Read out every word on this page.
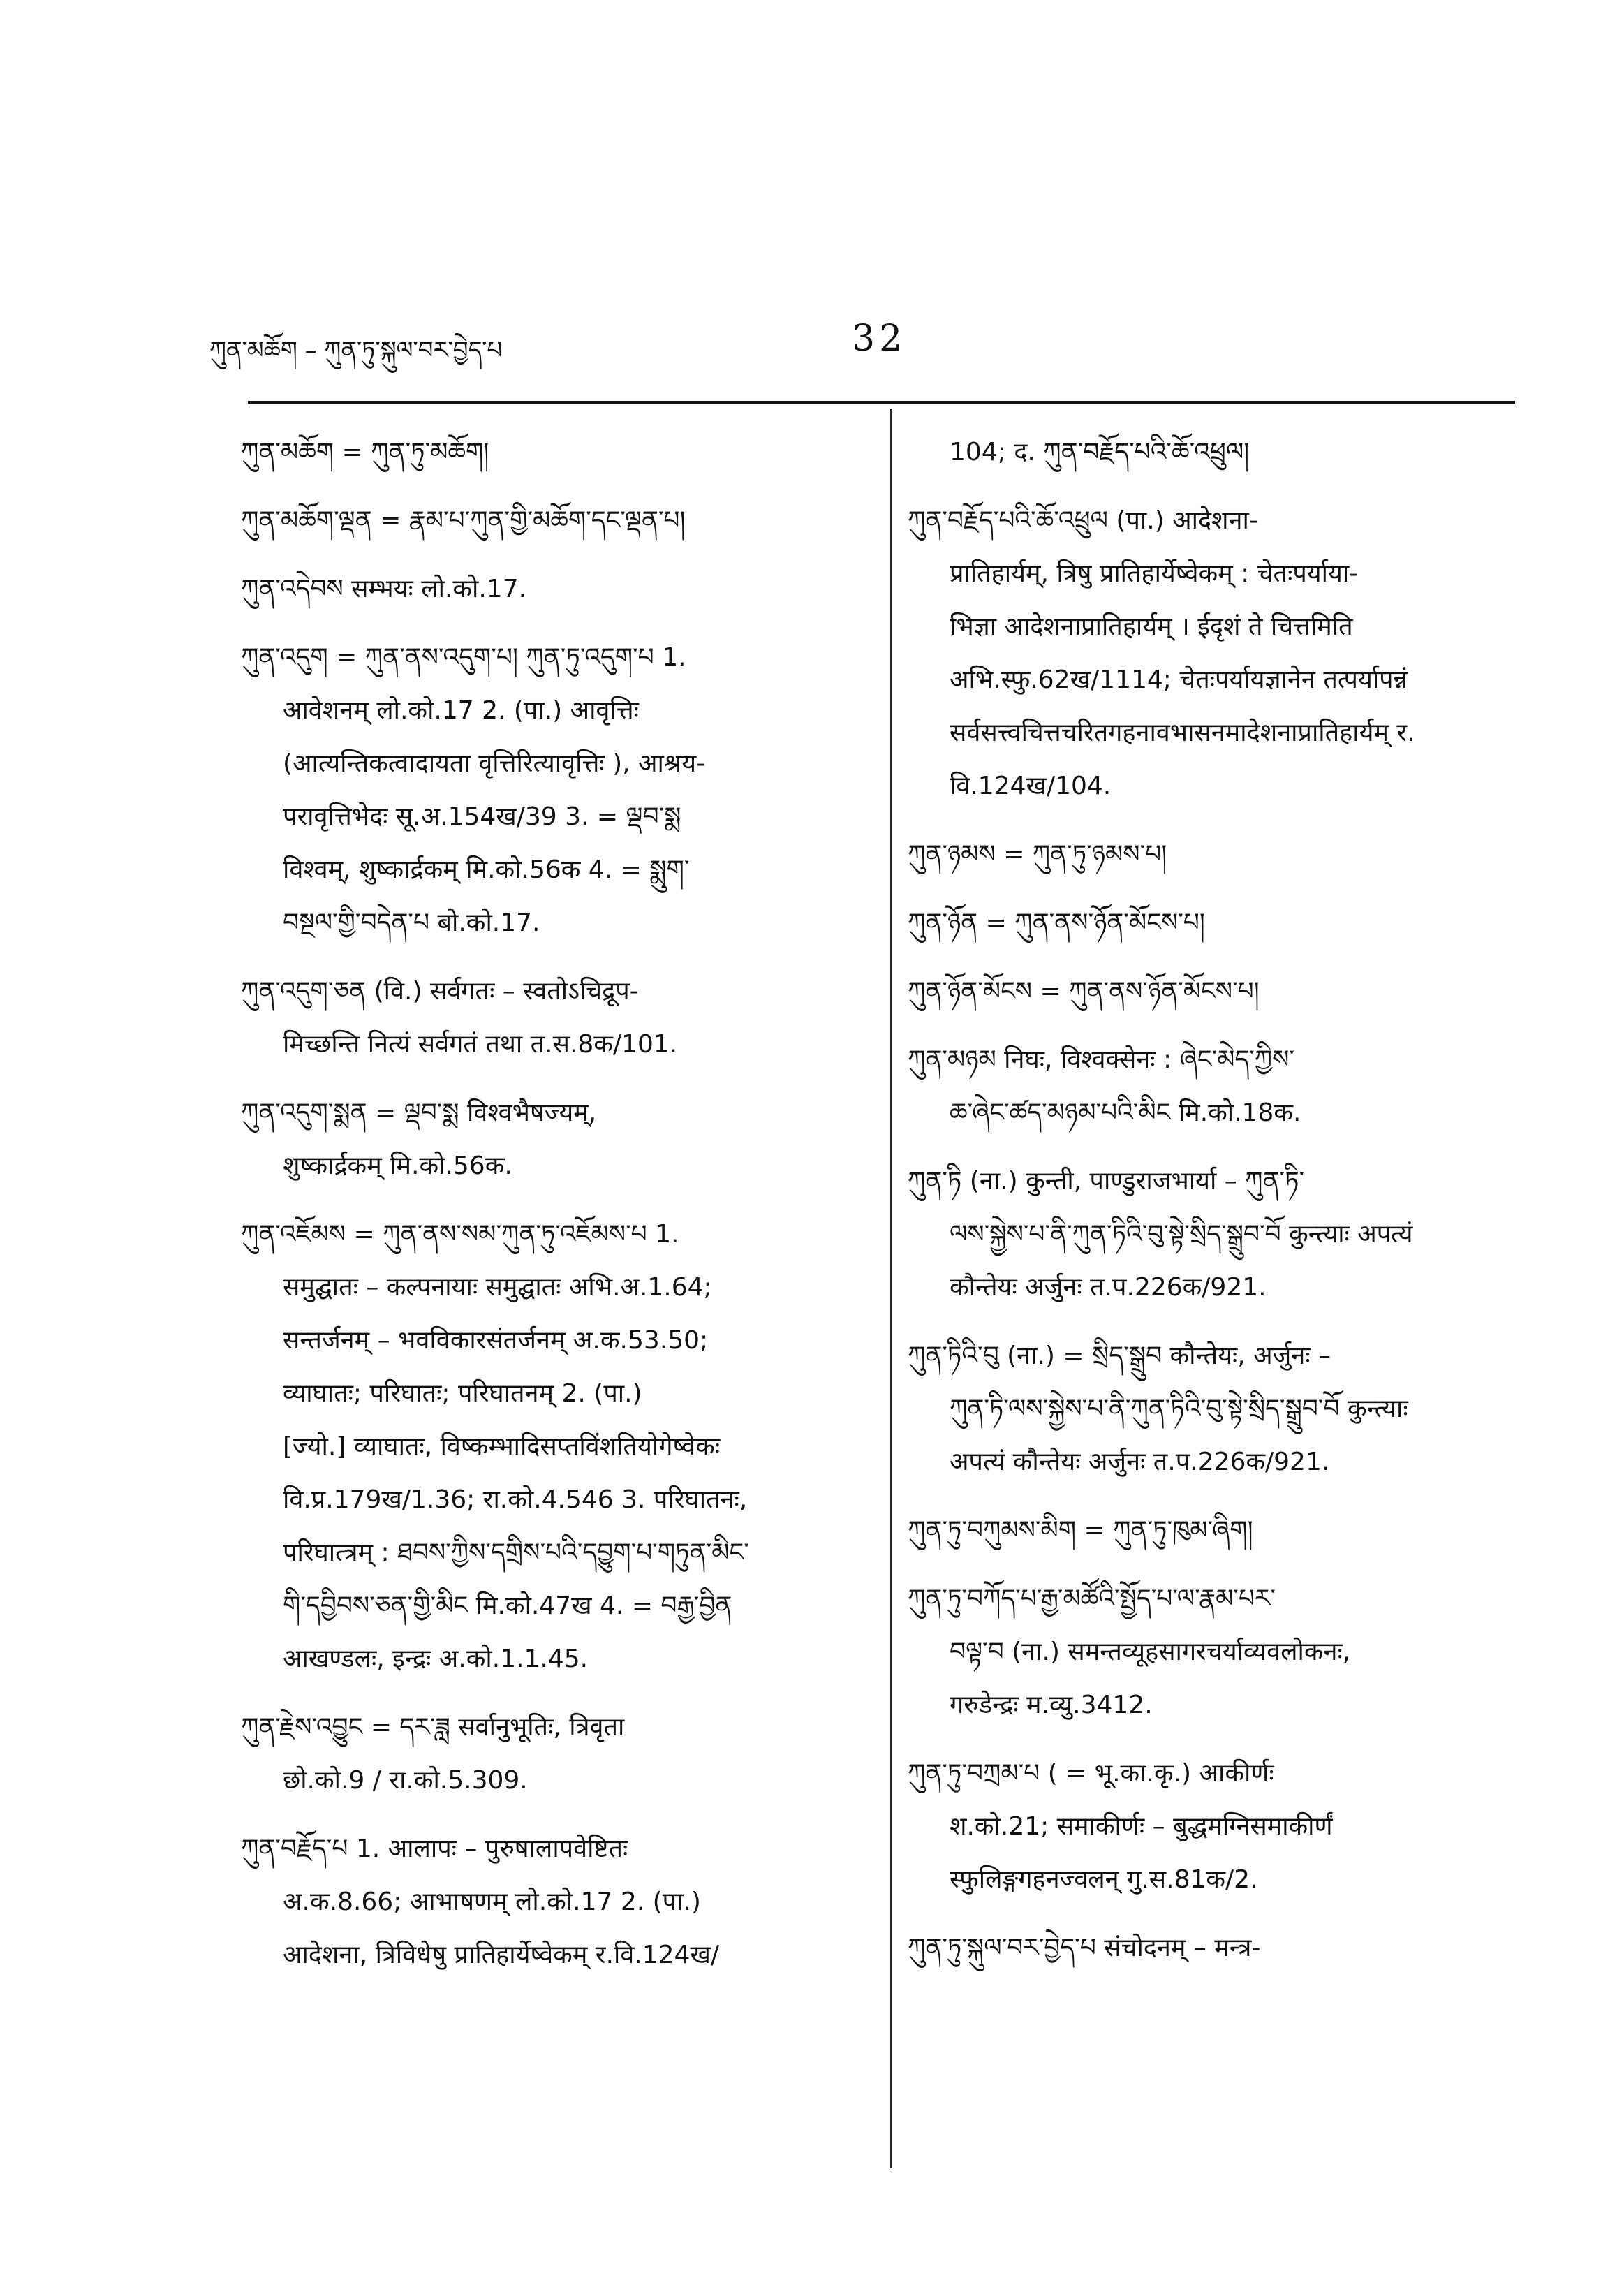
ཀུན་མཆོག – ཀུན་ཏུ་སྐུལ་བར་བྱེད་པ	32
ཀུན་མཆོག = ཀུན་ཏུ་མཆོག།
ཀུན་མཆོག་ལྡན = རྣམ་པ་ཀུན་གྱི་མཆོག་དང་ལྡན་པ།
ཀུན་འདེབས सम्भयः लो.को.17.
ཀུན་འདུག = ཀུན་ནས་འདུག་པ། ཀུན་ཏུ་འདུག་པ 1.
आवेशनम् लो.को.17 2. (पा.) आवृत्तिः
(आत्यन्तिकत्वादायता वृत्तिरित्यावृत्तिः ), आश्रय-
परावृत्तिभेदः सू.अ.154ख/39 3. = ལྡབ་སྨ
विश्वम्, शुष्कार्द्रकम् मि.को.56क 4. = སྨུག་
བསྔལ་གྱི་བདེན་པ बो.को.17.
ཀུན་འདུག་ཅན (वि.) सर्वगतः – स्वतोऽचिद्रूप-
मिच्छन्ति नित्यं सर्वगतं तथा त.स.8क/101.
ཀུན་འདུག་སྨན = ལྡབ་སྨ विश्वभैषज्यम्,
शुष्कार्द्रकम् मि.को.56क.
ཀུན་འཇོམས = ཀུན་ནས་སམ་ཀུན་ཏུ་འཇོམས་པ 1.
समुद्घातः – कल्पनायाः समुद्घातः अभि.अ.1.64;
सन्तर्जनम् – भवविकारसंतर्जनम् अ.क.53.50;
व्याघातः; परिघातः; परिघातनम् 2. (पा.)
[ज्यो.] व्याघातः, विष्कम्भादिसप्तविंशतियोगेष्वेकः
वि.प्र.179ख/1.36; रा.को.4.546 3. परिघातनः,
परिघात्त्रम् : ཐབས་ཀྱིས་དགྲིས་པའི་དབྱུག་པ་གཏུན་མིང་
གི་དབྱིབས་ཅན་གྱི་མིང मि.को.47ख 4. = བརྒྱ་བྱིན
आखण्डलः, इन्द्रः अ.को.1.1.45.
ཀུན་རྗེས་འབྱུང = དར་ཟླ सर्वानुभूतिः, त्रिवृता
छो.को.9 / रा.को.5.309.
ཀུན་བརྗོད་པ 1. आलापः – पुरुषालापवेष्टितः
अ.क.8.66; आभाषणम् लो.को.17 2. (पा.)
आदेशना, त्रिविधेषु प्रातिहार्येष्वेकम् र.वि.124ख/
104; द. ཀུན་བརྗོད་པའི་ཆོ་འཕྲུལ།
ཀུན་བརྗོད་པའི་ཆོ་འཕྲུལ (पा.) आदेशना-
प्रातिहार्यम्, त्रिषु प्रातिहार्येष्वेकम् : चेतःपर्याया-
भिज्ञा आदेशनाप्रातिहार्यम् । ईदृशं ते चित्तमिति
अभि.स्फु.62ख/1114; चेतःपर्यायज्ञानेन तत्पर्यापन्नं
सर्वसत्त्वचित्तचरितगहनावभासनमादेशनाप्रातिहार्यम् र.
वि.124ख/104.
ཀུན་ཉམས = ཀུན་ཏུ་ཉམས་པ།
ཀུན་ཉོན = ཀུན་ནས་ཉོན་མོངས་པ།
ཀུན་ཉོན་མོངས = ཀུན་ནས་ཉོན་མོངས་པ།
ཀུན་མཉམ निघः, विश्वक्सेनः : ཞེང་མེད་ཀྱིས་
ཆ་ཞེང་ཚད་མཉམ་པའི་མིང मि.को.18क.
ཀུན་ཏི (ना.) कुन्ती, पाण्डुराजभार्या – ཀུན་ཏི་
ལས་སྐྱེས་པ་ནི་ཀུན་ཏིའི་བུ་སྟེ་སྲིད་སྒྲུབ་བོ कुन्त्याः अपत्यं
कौन्तेयः अर्जुनः त.प.226क/921.
ཀུན་ཏིའི་བུ (ना.) = སྲིད་སྒྲུབ कौन्तेयः, अर्जुनः –
ཀུན་ཏི་ལས་སྐྱེས་པ་ནི་ཀུན་ཏིའི་བུ་སྟེ་སྲིད་སྒྲུབ་བོ कुन्त्याः
अपत्यं कौन्तेयः अर्जुनः त.प.226क/921.
ཀུན་ཏུ་བཀུམས་མིག = ཀུན་ཏུ་ཁུམ་ཞིག།
ཀུན་ཏུ་བཀོད་པ་རྒྱ་མཚོའི་སྤྱོད་པ་ལ་རྣམ་པར་
བལྟ་བ (ना.) समन्तव्यूहसागरचर्याव्यवलोकनः,
गरुडेन्द्रः म.व्यु.3412.
ཀུན་ཏུ་བཀྲམ་པ ( = भू.का.कृ.) आकीर्णः
श.को.21; समाकीर्णः – बुद्धमग्निसमाकीर्णं
स्फुलिङ्गगहनज्वलन् गु.स.81क/2.
ཀུན་ཏུ་སྐུལ་བར་བྱེད་པ संचोदनम् – मन्त्र-
